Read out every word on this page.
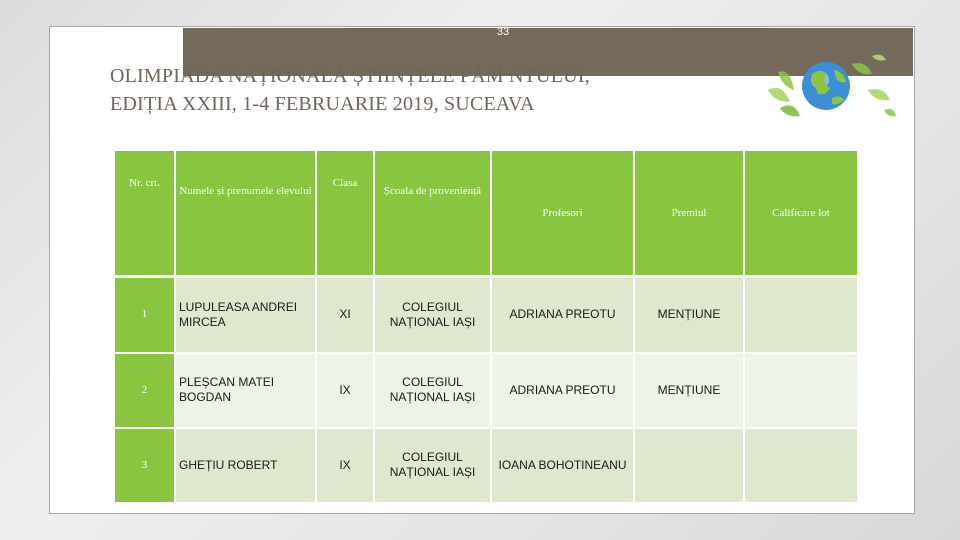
33
OLIMPIADA NAȚIONALĂ ȘTIINȚELE PĂM NTULUI,
EDIȚIA XXIII, 1-4 FEBRUARIE 2019, SUCEAVA
Nr. crt.	Numele și prenumele elevului	Clasa	Școala de proveniență	Profesori	Premiul	Calificare lot
1	LUPULEASA ANDREI MIRCEA	XI	COLEGIUL NAȚIONAL IAȘI	ADRIANA PREOTU	MENȚIUNE	
2	PLEȘCAN MATEI BOGDAN	IX	COLEGIUL NAȚIONAL IAȘI	ADRIANA PREOTU	MENȚIUNE	
3	GHEȚIU ROBERT	IX	COLEGIUL NAȚIONAL IAȘI	IOANA BOHOTINEANU		
